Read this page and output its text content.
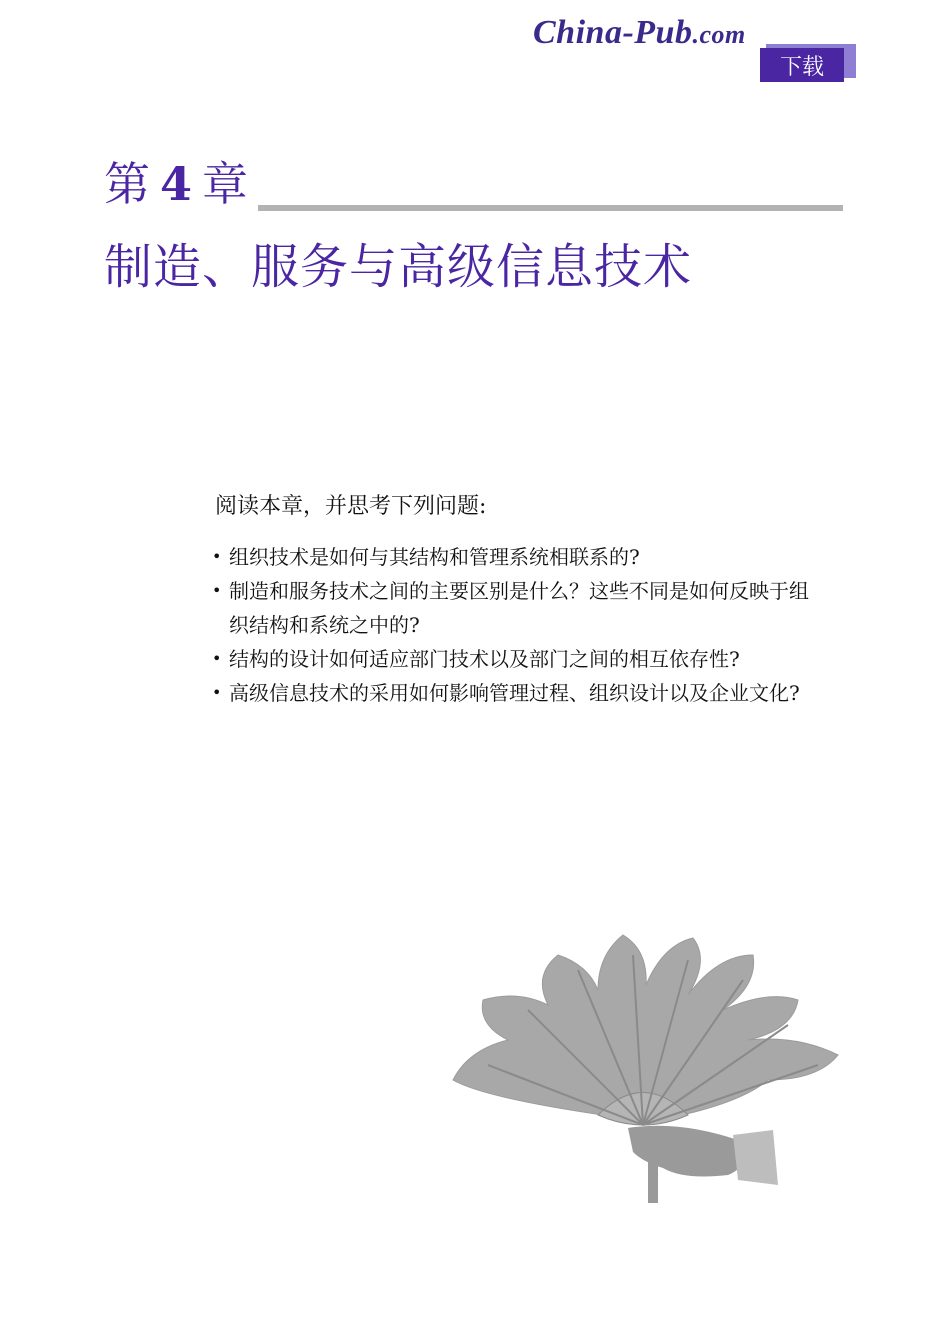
China-Pub.com
下载
第 4 章
制造、服务与高级信息技术
阅读本章，并思考下列问题:
• 组织技术是如何与其结构和管理系统相联系的?
• 制造和服务技术之间的主要区别是什么？这些不同是如何反映于组织结构和系统之中的?
• 结构的设计如何适应部门技术以及部门之间的相互依存性?
• 高级信息技术的采用如何影响管理过程、组织设计以及企业文化?
